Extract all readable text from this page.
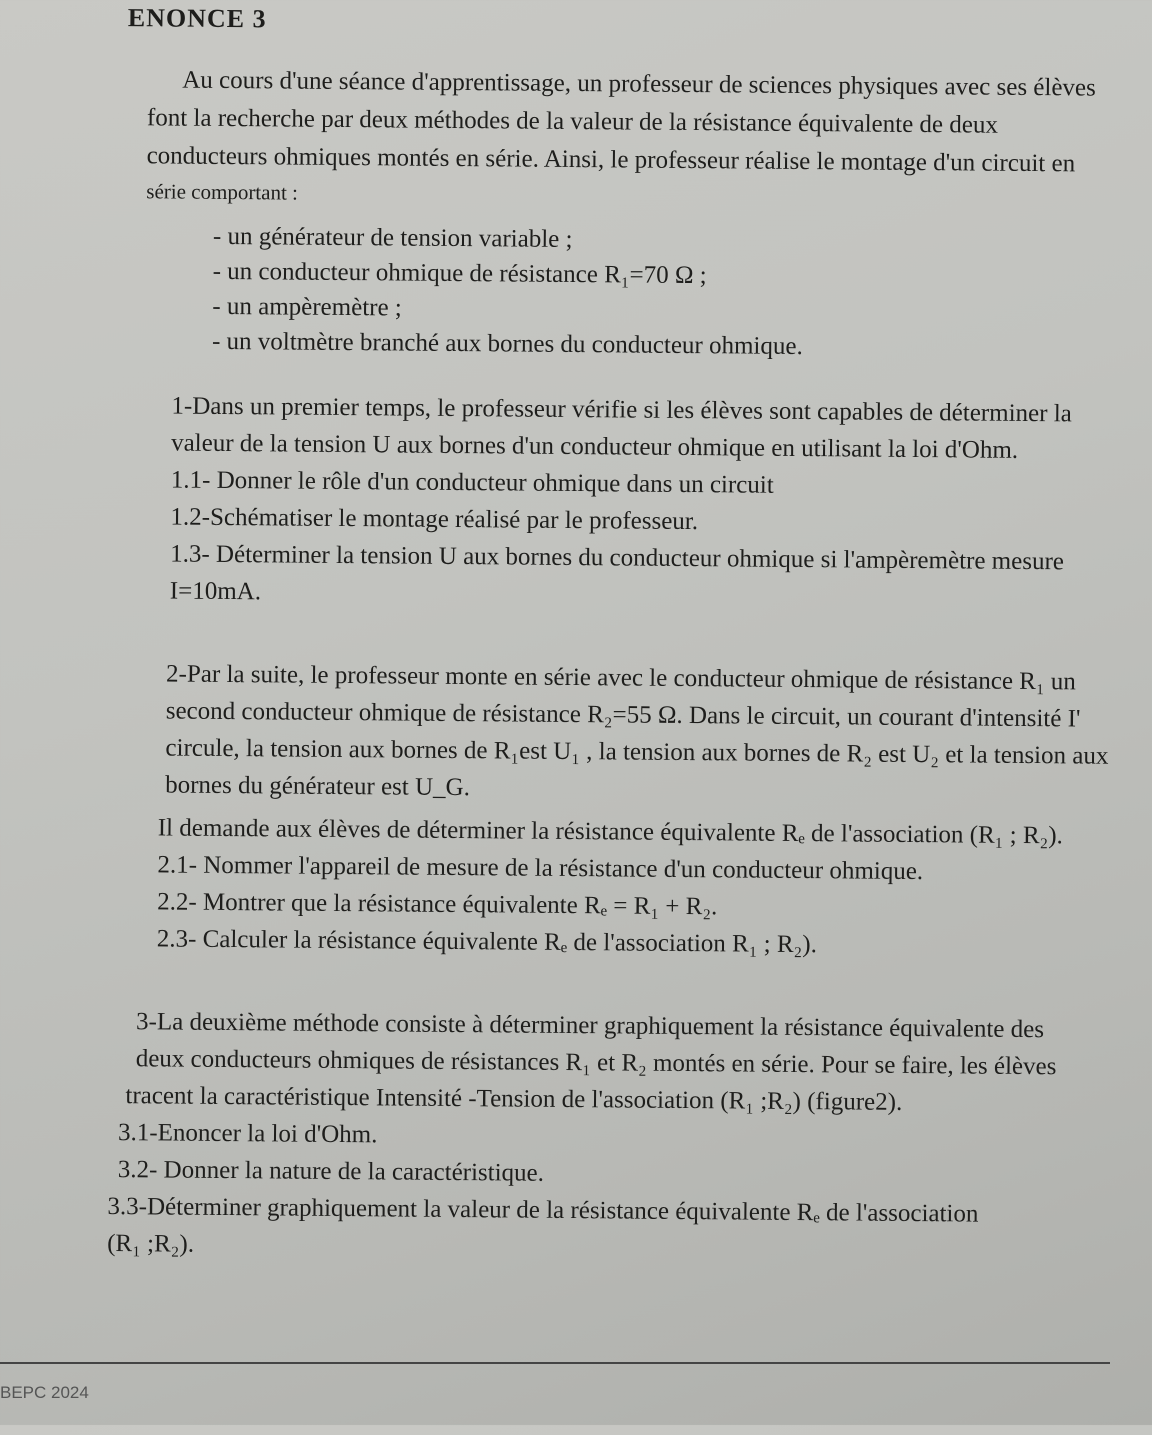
ENONCE 3
Au cours d'une séance d'apprentissage, un professeur de sciences physiques avec ses élèves
font la recherche par deux méthodes de la valeur de la résistance équivalente de deux
conducteurs ohmiques montés en série. Ainsi, le professeur réalise le montage d'un circuit en
série comportant :
- un générateur de tension variable ;
- un conducteur ohmique de résistance R₁=70 Ω ;
- un ampèremètre ;
- un voltmètre branché aux bornes du conducteur ohmique.
1-Dans un premier temps, le professeur vérifie si les élèves sont capables de déterminer la
valeur de la tension U aux bornes d'un conducteur ohmique en utilisant la loi d'Ohm.
1.1- Donner le rôle d'un conducteur ohmique dans un circuit
1.2-Schématiser le montage réalisé par le professeur.
1.3- Déterminer la tension U aux bornes du conducteur ohmique si l'ampèremètre mesure
I=10mA.
2-Par la suite, le professeur monte en série avec le conducteur ohmique de résistance R₁ un
second conducteur ohmique de résistance R₂=55 Ω. Dans le circuit, un courant d'intensité I'
circule, la tension aux bornes de R₁est U₁ , la tension aux bornes de R₂ est U₂ et la tension aux
bornes du générateur est U_G.
Il demande aux élèves de déterminer la résistance équivalente Rₑ de l'association (R₁ ; R₂).
2.1- Nommer l'appareil de mesure de la résistance d'un conducteur ohmique.
2.2- Montrer que la résistance équivalente Rₑ = R₁ + R₂.
2.3- Calculer la résistance équivalente Rₑ de l'association R₁ ; R₂).
3-La deuxième méthode consiste à déterminer graphiquement la résistance équivalente des
deux conducteurs ohmiques de résistances R₁ et R₂ montés en série. Pour se faire, les élèves
tracent la caractéristique Intensité -Tension de l'association (R₁ ;R₂) (figure2).
3.1-Enoncer la loi d'Ohm.
3.2- Donner la nature de la caractéristique.
3.3-Déterminer graphiquement la valeur de la résistance équivalente Rₑ de l'association
(R₁ ;R₂).
BEPC 2024
